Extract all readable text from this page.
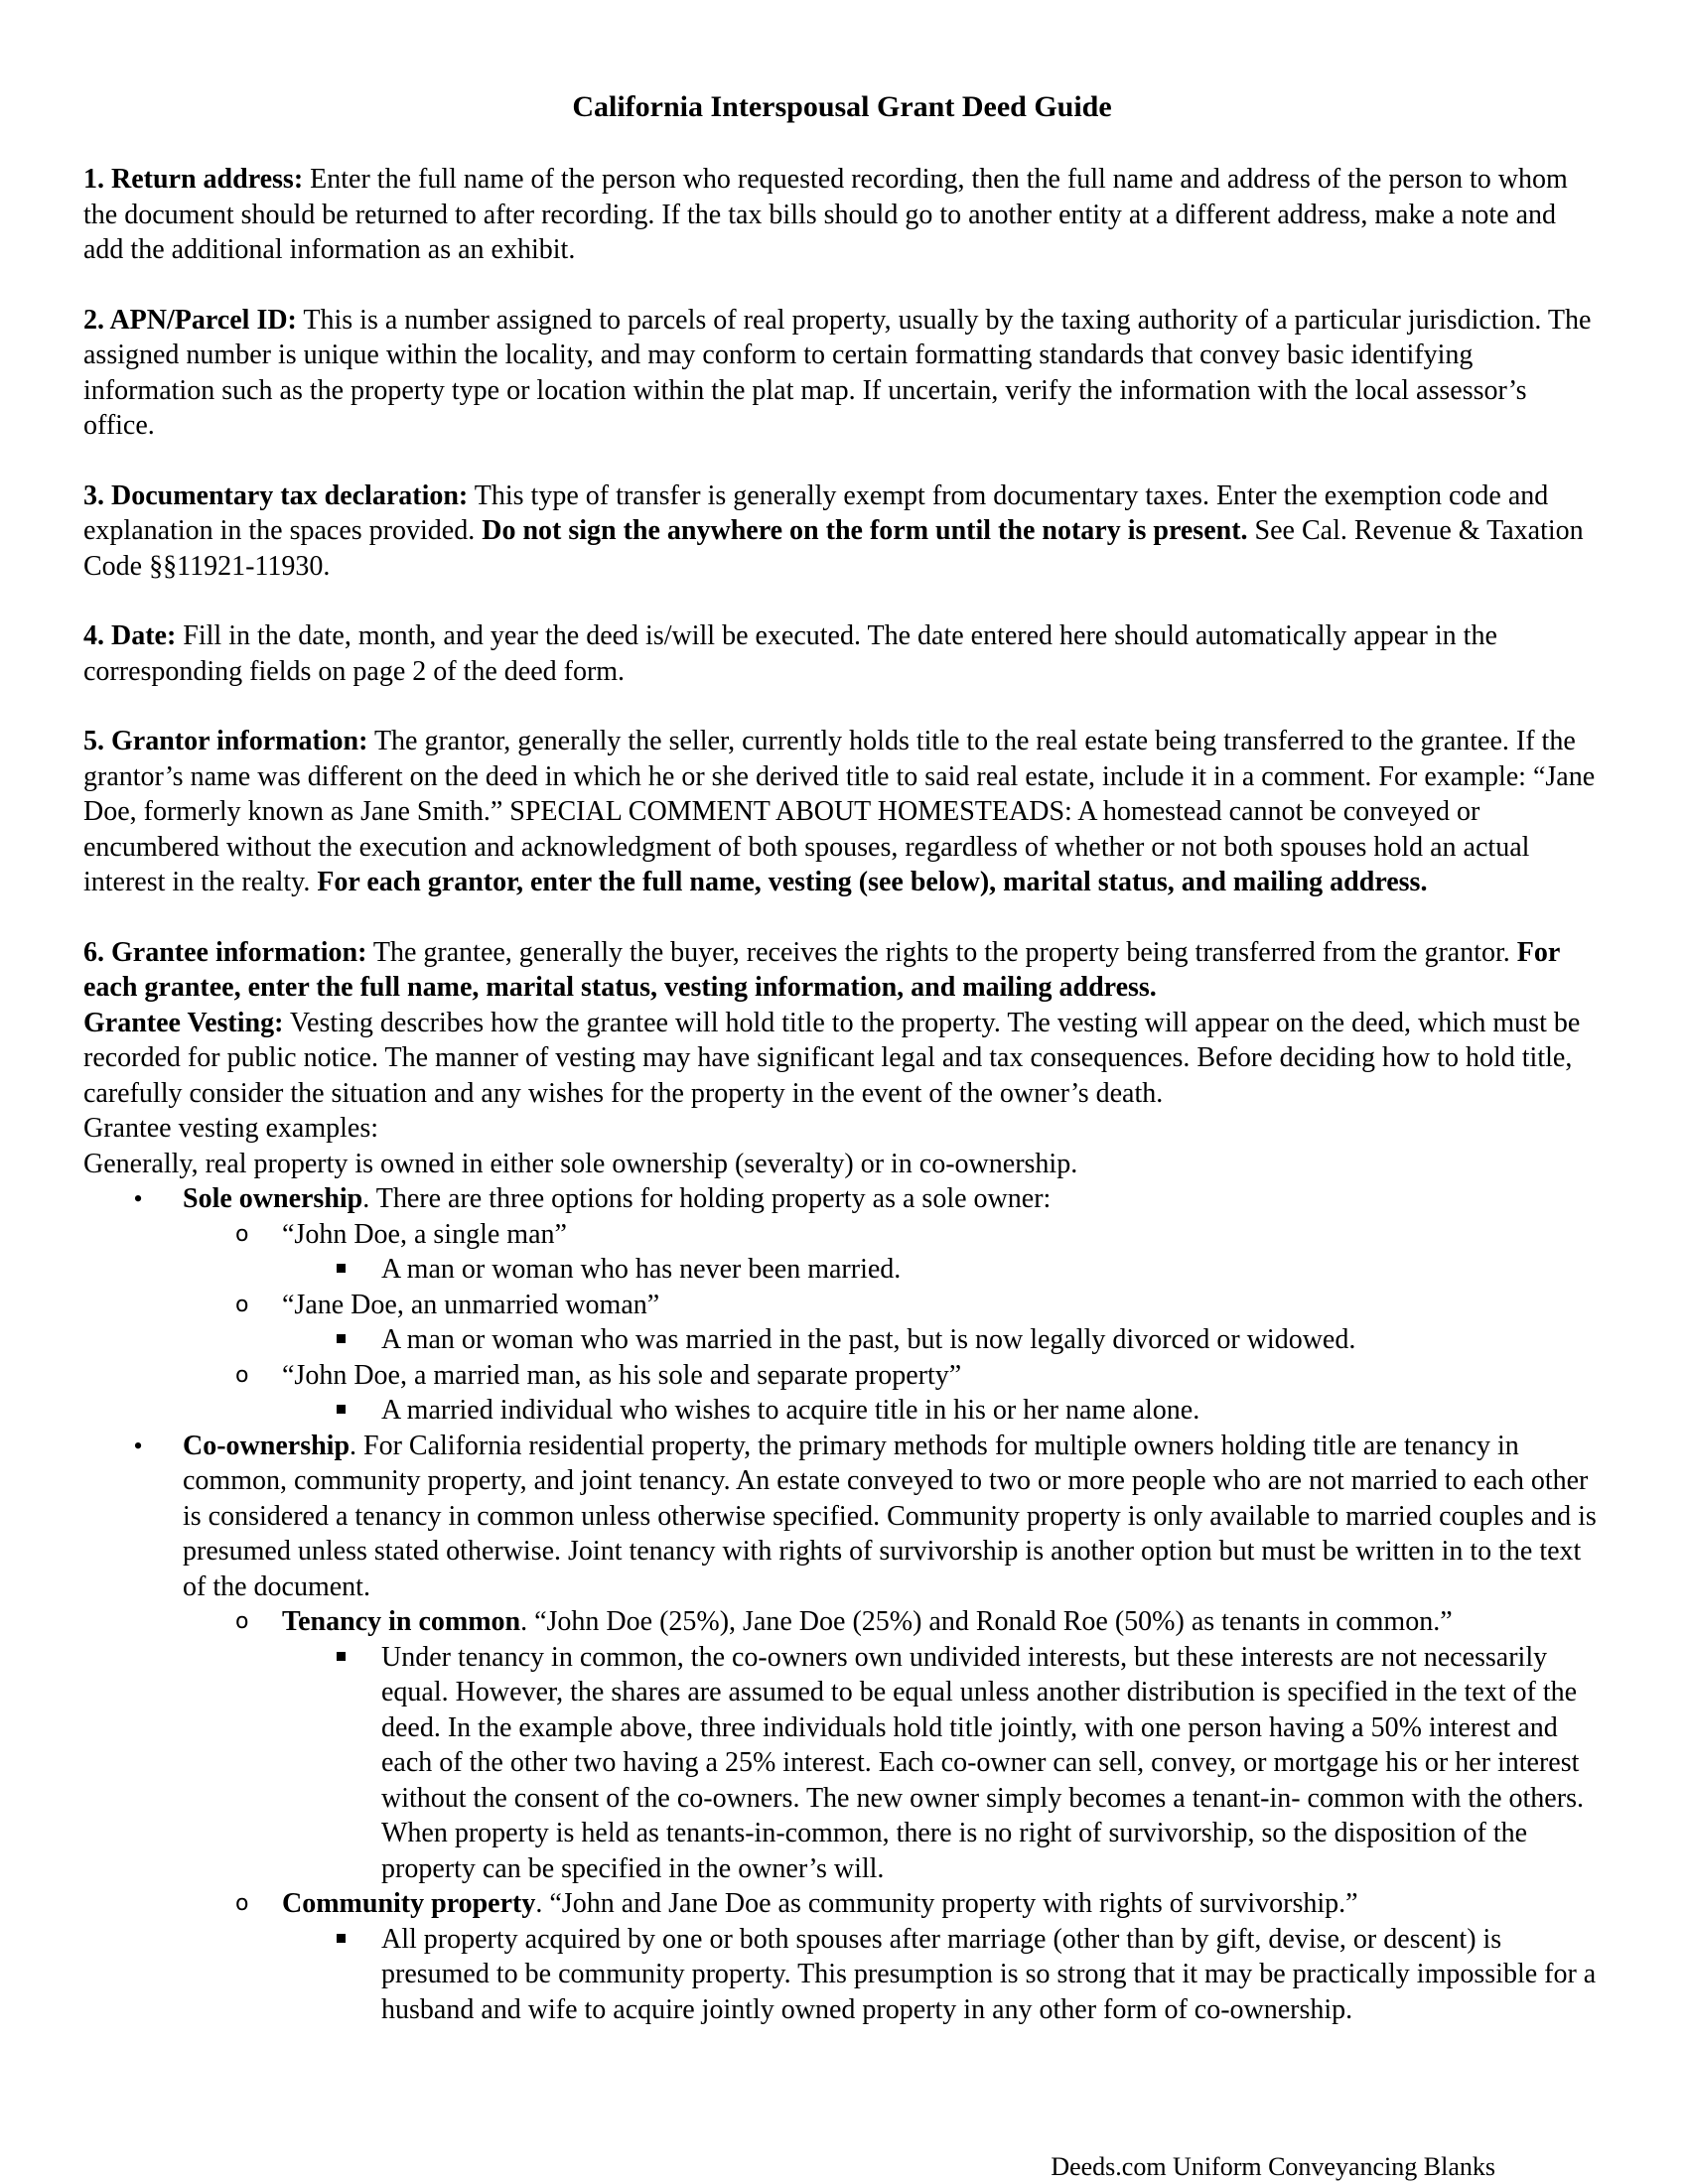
California Interspousal Grant Deed Guide

1. Return address: Enter the full name of the person who requested recording, then the full name and address of the person to whom the document should be returned to after recording. If the tax bills should go to another entity at a different address, make a note and add the additional information as an exhibit.

2. APN/Parcel ID: This is a number assigned to parcels of real property, usually by the taxing authority of a particular jurisdiction. The assigned number is unique within the locality, and may conform to certain formatting standards that convey basic identifying information such as the property type or location within the plat map. If uncertain, verify the information with the local assessor’s office.

3. Documentary tax declaration: This type of transfer is generally exempt from documentary taxes. Enter the exemption code and explanation in the spaces provided. Do not sign the anywhere on the form until the notary is present. See Cal. Revenue & Taxation Code §§11921-11930.

4. Date: Fill in the date, month, and year the deed is/will be executed. The date entered here should automatically appear in the corresponding fields on page 2 of the deed form.

5. Grantor information: The grantor, generally the seller, currently holds title to the real estate being transferred to the grantee. If the grantor’s name was different on the deed in which he or she derived title to said real estate, include it in a comment. For example: “Jane Doe, formerly known as Jane Smith.” SPECIAL COMMENT ABOUT HOMESTEADS: A homestead cannot be conveyed or encumbered without the execution and acknowledgment of both spouses, regardless of whether or not both spouses hold an actual interest in the realty. For each grantor, enter the full name, vesting (see below), marital status, and mailing address.

6. Grantee information: The grantee, generally the buyer, receives the rights to the property being transferred from the grantor. For each grantee, enter the full name, marital status, vesting information, and mailing address.

Grantee Vesting: Vesting describes how the grantee will hold title to the property. The vesting will appear on the deed, which must be recorded for public notice. The manner of vesting may have significant legal and tax consequences. Before deciding how to hold title, carefully consider the situation and any wishes for the property in the event of the owner’s death.

Grantee vesting examples:

Generally, real property is owned in either sole ownership (severalty) or in co-ownership.

• Sole ownership. There are three options for holding property as a sole owner:
o “John Doe, a single man”
A man or woman who has never been married.
o “Jane Doe, an unmarried woman”
A man or woman who was married in the past, but is now legally divorced or widowed.
o “John Doe, a married man, as his sole and separate property”
A married individual who wishes to acquire title in his or her name alone.
• Co-ownership. For California residential property, the primary methods for multiple owners holding title are tenancy in common, community property, and joint tenancy. An estate conveyed to two or more people who are not married to each other is considered a tenancy in common unless otherwise specified. Community property is only available to married couples and is presumed unless stated otherwise. Joint tenancy with rights of survivorship is another option but must be written in to the text of the document.
o Tenancy in common. “John Doe (25%), Jane Doe (25%) and Ronald Roe (50%) as tenants in common.”
Under tenancy in common, the co-owners own undivided interests, but these interests are not necessarily equal. However, the shares are assumed to be equal unless another distribution is specified in the text of the deed. In the example above, three individuals hold title jointly, with one person having a 50% interest and each of the other two having a 25% interest. Each co-owner can sell, convey, or mortgage his or her interest without the consent of the co-owners. The new owner simply becomes a tenant-in- common with the others. When property is held as tenants-in-common, there is no right of survivorship, so the disposition of the property can be specified in the owner’s will.
o Community property. “John and Jane Doe as community property with rights of survivorship.”
All property acquired by one or both spouses after marriage (other than by gift, devise, or descent) is presumed to be community property. This presumption is so strong that it may be practically impossible for a husband and wife to acquire jointly owned property in any other form of co-ownership.
Deeds.com Uniform Conveyancing Blanks
